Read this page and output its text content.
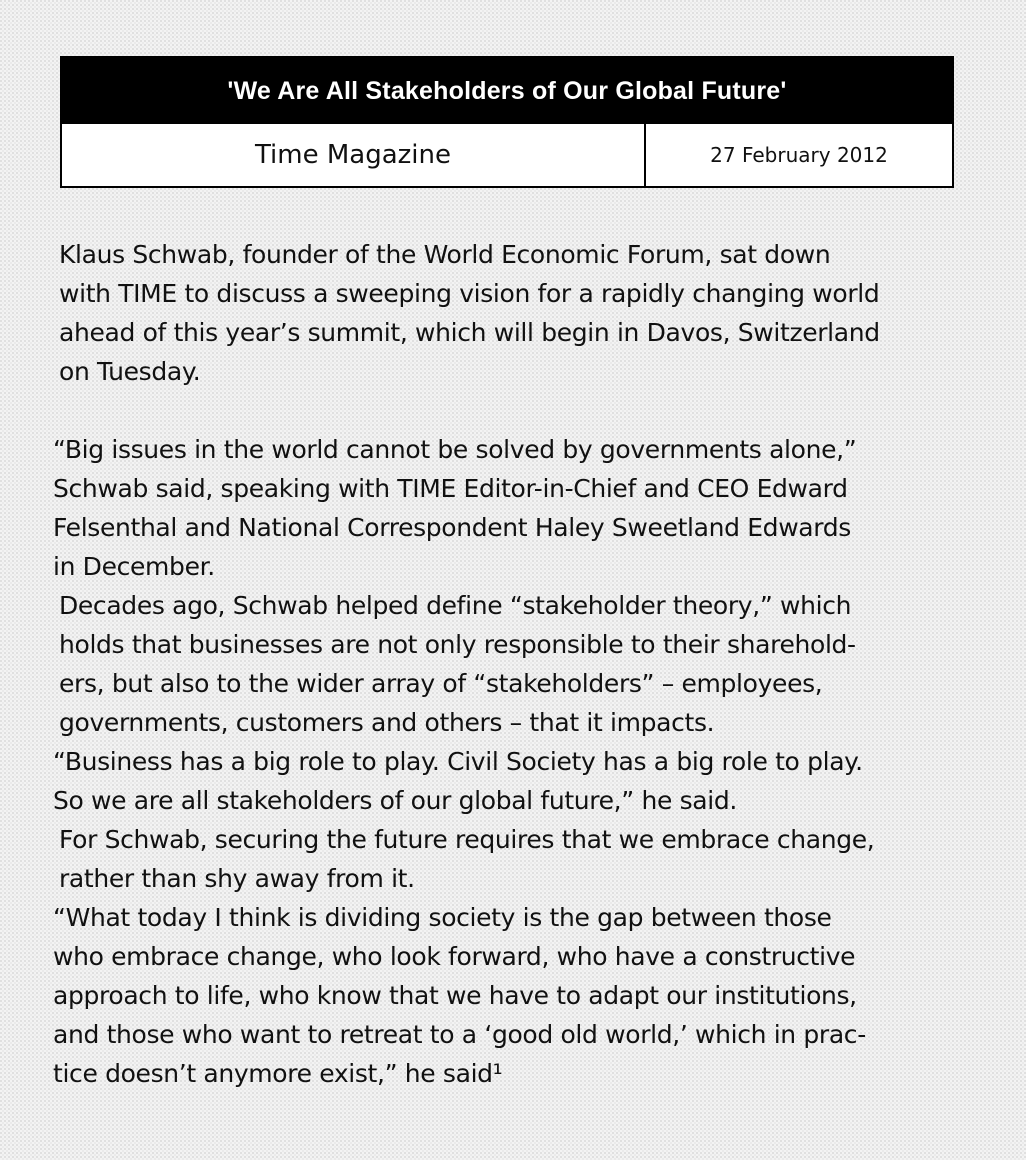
'We Are All Stakeholders of Our Global Future'
Time Magazine	27 February 2012

Klaus Schwab, founder of the World Economic Forum, sat down
with TIME to discuss a sweeping vision for a rapidly changing world
ahead of this year’s summit, which will begin in Davos, Switzerland
on Tuesday.

“Big issues in the world cannot be solved by governments alone,”
Schwab said, speaking with TIME Editor-in-Chief and CEO Edward
Felsenthal and National Correspondent Haley Sweetland Edwards
in December.

Decades ago, Schwab helped define “stakeholder theory,” which
holds that businesses are not only responsible to their sharehold-
ers, but also to the wider array of “stakeholders” – employees,
governments, customers and others – that it impacts.

“Business has a big role to play. Civil Society has a big role to play.
So we are all stakeholders of our global future,” he said.

For Schwab, securing the future requires that we embrace change,
rather than shy away from it.

“What today I think is dividing society is the gap between those
who embrace change, who look forward, who have a constructive
approach to life, who know that we have to adapt our institutions,
and those who want to retreat to a ‘good old world,’ which in prac-
tice doesn’t anymore exist,” he said¹
